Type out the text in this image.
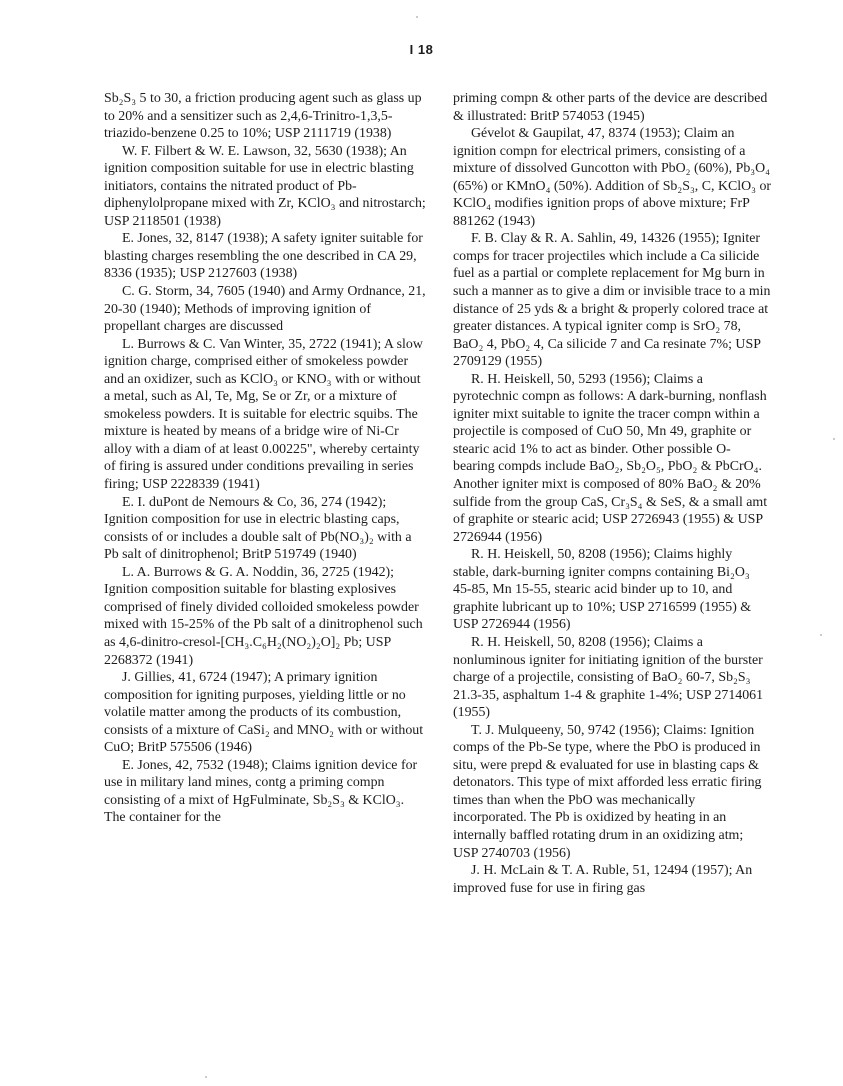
I 18

Sb₂S₃ 5 to 30, a friction producing agent such as glass up to 20% and a sensitizer such as 2,4,6-Trinitro-1,3,5-triazido-benzene 0.25 to 10%; USP 2111719 (1938)

W. F. Filbert & W. E. Lawson, 32, 5630 (1938); An ignition composition suitable for use in electric blasting initiators, contains the nitrated product of Pb-diphenylolpropane mixed with Zr, KClO₃ and nitrostarch; USP 2118501 (1938)

E. Jones, 32, 8147 (1938); A safety igniter suitable for blasting charges resembling the one described in CA 29, 8336 (1935); USP 2127603 (1938)

C. G. Storm, 34, 7605 (1940) and Army Ordnance, 21, 20-30 (1940); Methods of improving ignition of propellant charges are discussed

L. Burrows & C. Van Winter, 35, 2722 (1941); A slow ignition charge, comprised either of smokeless powder and an oxidizer, such as KClO₃ or KNO₃ with or without a metal, such as Al, Te, Mg, Se or Zr, or a mixture of smokeless powders. It is suitable for electric squibs. The mixture is heated by means of a bridge wire of Ni-Cr alloy with a diam of at least 0.00225", whereby certainty of firing is assured under conditions prevailing in series firing; USP 2228339 (1941)

E. I. duPont de Nemours & Co, 36, 274 (1942); Ignition composition for use in electric blasting caps, consists of or includes a double salt of Pb(NO₃)₂ with a Pb salt of dinitrophenol; BritP 519749 (1940)

L. A. Burrows & G. A. Noddin, 36, 2725 (1942); Ignition composition suitable for blasting explosives comprised of finely divided colloided smokeless powder mixed with 15-25% of the Pb salt of a dinitrophenol such as 4,6-dinitro-cresol-[CH₃.C₆H₂(NO₂)₂O]₂ Pb; USP 2268372 (1941)

J. Gillies, 41, 6724 (1947); A primary ignition composition for igniting purposes, yielding little or no volatile matter among the products of its combustion, consists of a mixture of CaSi₂ and MNO₂ with or without CuO; BritP 575506 (1946)

E. Jones, 42, 7532 (1948); Claims ignition device for use in military land mines, contg a priming compn consisting of a mixt of HgFulminate, Sb₂S₃ & KClO₃. The container for the

priming compn & other parts of the device are described & illustrated: BritP 574053 (1945)

Gévelot & Gaupilat, 47, 8374 (1953); Claim an ignition compn for electrical primers, consisting of a mixture of dissolved Guncotton with PbO₂ (60%), Pb₃O₄ (65%) or KMnO₄ (50%). Addition of Sb₂S₃, C, KClO₃ or KClO₄ modifies ignition props of above mixture; FrP 881262 (1943)

F. B. Clay & R. A. Sahlin, 49, 14326 (1955); Igniter comps for tracer projectiles which include a Ca silicide fuel as a partial or complete replacement for Mg burn in such a manner as to give a dim or invisible trace to a min distance of 25 yds & a bright & properly colored trace at greater distances. A typical igniter comp is SrO₂ 78, BaO₂ 4, PbO₂ 4, Ca silicide 7 and Ca resinate 7%; USP 2709129 (1955)

R. H. Heiskell, 50, 5293 (1956); Claims a pyrotechnic compn as follows: A dark-burning, nonflash igniter mixt suitable to ignite the tracer compn within a projectile is composed of CuO 50, Mn 49, graphite or stearic acid 1% to act as binder. Other possible O-bearing compds include BaO₂, Sb₂O₅, PbO₂ & PbCrO₄. Another igniter mixt is composed of 80% BaO₂ & 20% sulfide from the group CaS, Cr₃S₄ & SeS, & a small amt of graphite or stearic acid; USP 2726943 (1955) & USP 2726944 (1956)

R. H. Heiskell, 50, 8208 (1956); Claims highly stable, dark-burning igniter compns containing Bi₂O₃ 45-85, Mn 15-55, stearic acid binder up to 10, and graphite lubricant up to 10%; USP 2716599 (1955) & USP 2726944 (1956)

R. H. Heiskell, 50, 8208 (1956); Claims a nonluminous igniter for initiating ignition of the burster charge of a projectile, consisting of BaO₂ 60-7, Sb₂S₃ 21.3-35, asphaltum 1-4 & graphite 1-4%; USP 2714061 (1955)

T. J. Mulqueeny, 50, 9742 (1956); Claims: Ignition comps of the Pb-Se type, where the PbO is produced in situ, were prepd & evaluated for use in blasting caps & detonators. This type of mixt afforded less erratic firing times than when the PbO was mechanically incorporated. The Pb is oxidized by heating in an internally baffled rotating drum in an oxidizing atm; USP 2740703 (1956)

J. H. McLain & T. A. Ruble, 51, 12494 (1957); An improved fuse for use in firing gas
